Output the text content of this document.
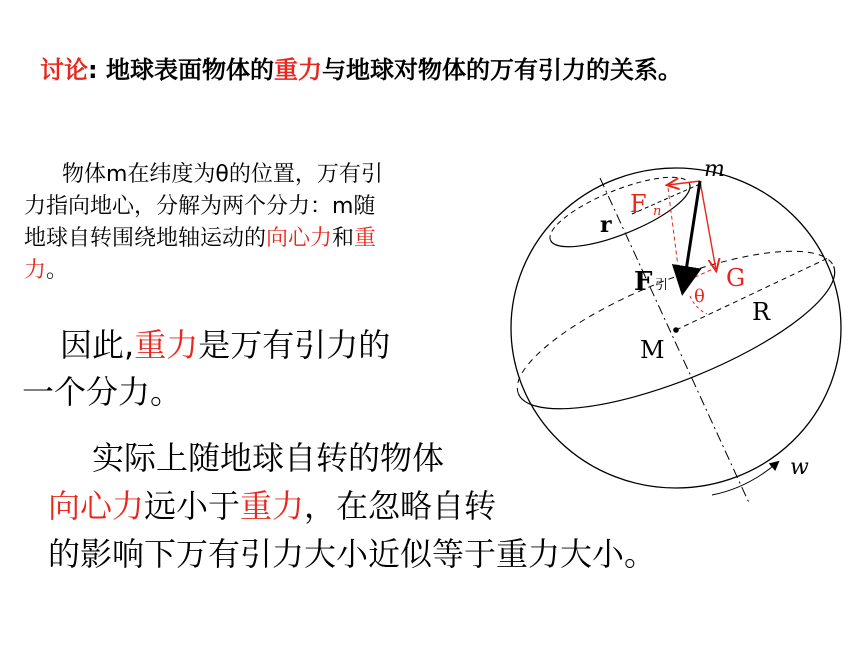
讨论: 地球表面物体的重力与地球对物体的万有引力的关系。
物体m在纬度为θ的位置，万有引
力指向地心，分解为两个分力：m随
地球自转围绕地轴运动的向心力和重
力。
因此,重力是万有引力的
一个分力。
实际上随地球自转的物体
向心力远小于重力，在忽略自转
的影响下万有引力大小近似等于重力大小。
m
F n
r
F 引
θ
G
R
M
w
